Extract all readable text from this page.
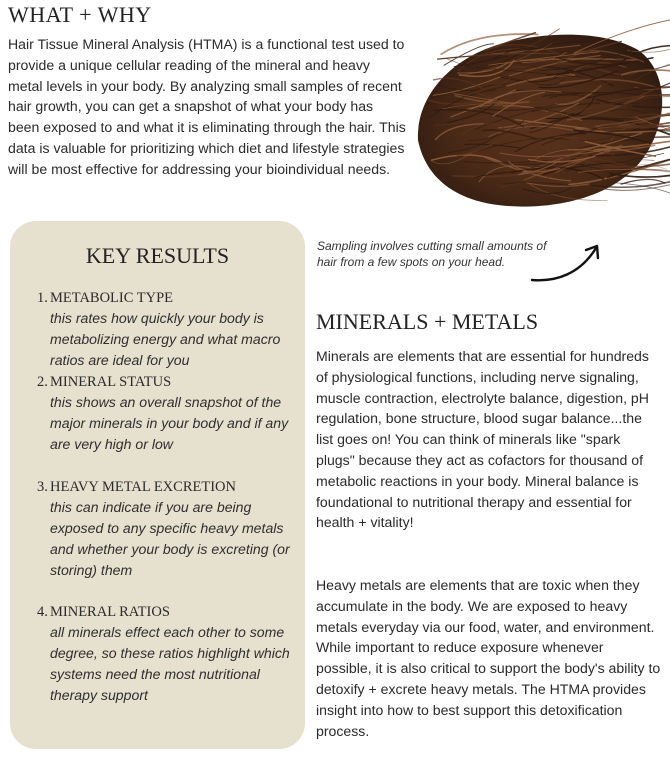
WHAT + WHY

Hair Tissue Mineral Analysis (HTMA) is a functional test used to provide a unique cellular reading of the mineral and heavy metal levels in your body. By analyzing small samples of recent hair growth, you can get a snapshot of what your body has been exposed to and what it is eliminating through the hair. This data is valuable for prioritizing which diet and lifestyle strategies will be most effective for addressing your bioindividual needs.

Sampling involves cutting small amounts of hair from a few spots on your head.

KEY RESULTS
1. METABOLIC TYPE

this rates how quickly your body is metabolizing energy and what macro ratios are ideal for you

2. MINERAL STATUS

this shows an overall snapshot of the major minerals in your body and if any are very high or low

3. HEAVY METAL EXCRETION

this can indicate if you are being exposed to any specific heavy metals and whether your body is excreting (or storing) them

4. MINERAL RATIOS

all minerals effect each other to some degree, so these ratios highlight which systems need the most nutritional therapy support

MINERALS + METALS

Minerals are elements that are essential for hundreds of physiological functions, including nerve signaling, muscle contraction, electrolyte balance, digestion, pH regulation, bone structure, blood sugar balance...the list goes on! You can think of minerals like "spark plugs" because they act as cofactors for thousand of metabolic reactions in your body. Mineral balance is foundational to nutritional therapy and essential for health + vitality!

Heavy metals are elements that are toxic when they accumulate in the body. We are exposed to heavy metals everyday via our food, water, and environment. While important to reduce exposure whenever possible, it is also critical to support the body's ability to detoxify + excrete heavy metals. The HTMA provides insight into how to best support this detoxification process.
